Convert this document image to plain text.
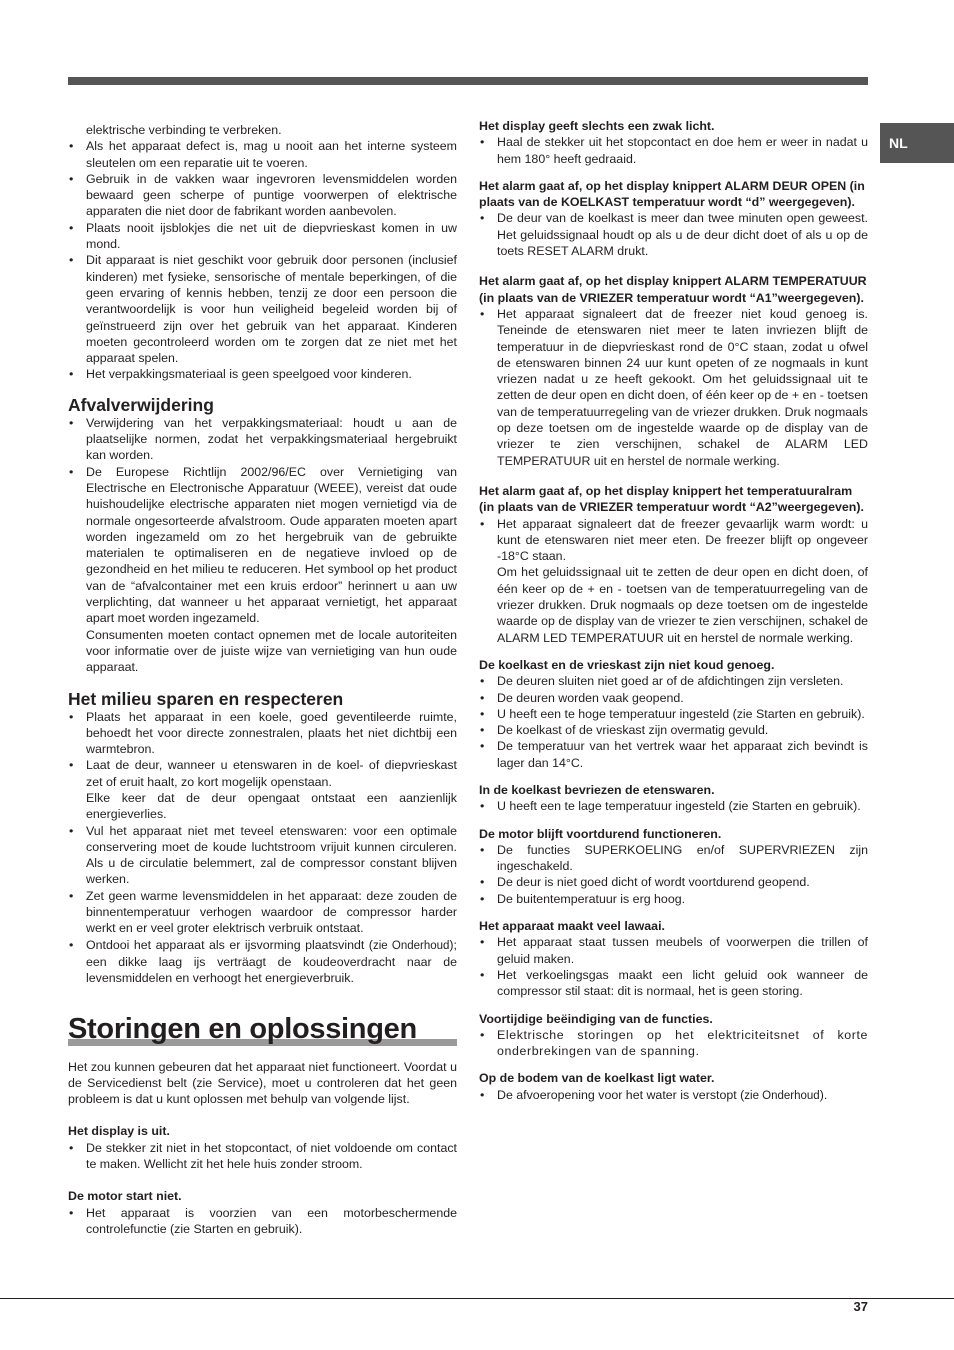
NL
elektrische verbinding te verbreken.
• Als het apparaat defect is, mag u nooit aan het interne systeem sleutelen om een reparatie uit te voeren.
• Gebruik in de vakken waar ingevroren levensmiddelen worden bewaard geen scherpe of puntige voorwerpen of elektrische apparaten die niet door de fabrikant worden aanbevolen.
• Plaats nooit ijsblokjes die net uit de diepvrieskast komen in uw mond.
• Dit apparaat is niet geschikt voor gebruik door personen (inclusief kinderen) met fysieke, sensorische of mentale beperkingen, of die geen ervaring of kennis hebben, tenzij ze door een persoon die verantwoordelijk is voor hun veiligheid begeleid worden bij of geïnstrueerd zijn over het gebruik van het apparaat. Kinderen moeten gecontroleerd worden om te zorgen dat ze niet met het apparaat spelen.
• Het verpakkingsmateriaal is geen speelgoed voor kinderen.
Afvalverwijdering
• Verwijdering van het verpakkingsmateriaal: houdt u aan de plaatselijke normen, zodat het verpakkingsmateriaal hergebruikt kan worden.
• De Europese Richtlijn 2002/96/EC over Vernietiging van Electrische en Electronische Apparatuur (WEEE), vereist dat oude huishoudelijke electrische apparaten niet mogen vernietigd via de normale ongesorteerde afvalstroom. Oude apparaten moeten apart worden ingezameld om zo het hergebruik van de gebruikte materialen te optimaliseren en de negatieve invloed op de gezondheid en het milieu te reduceren. Het symbool op het product van de “afvalcontainer met een kruis erdoor” herinnert u aan uw verplichting, dat wanneer u het apparaat vernietigt, het apparaat apart moet worden ingezameld.
Consumenten moeten contact opnemen met de locale autoriteiten voor informatie over de juiste wijze van vernietiging van hun oude apparaat.
Het milieu sparen en respecteren
• Plaats het apparaat in een koele, goed geventileerde ruimte, behoedt het voor directe zonnestralen, plaats het niet dichtbij een warmtebron.
• Laat de deur, wanneer u etenswaren in de koel- of diepvrieskast zet of eruit haalt, zo kort mogelijk openstaan.
Elke keer dat de deur opengaat ontstaat een aanzienlijk energieverlies.
• Vul het apparaat niet met teveel etenswaren: voor een optimale conservering moet de koude luchtstroom vrijuit kunnen circuleren. Als u de circulatie belemmert, zal de compressor constant blijven werken.
• Zet geen warme levensmiddelen in het apparaat: deze zouden de binnentemperatuur verhogen waardoor de compressor harder werkt en er veel groter elektrisch verbruik ontstaat.
• Ontdooi het apparaat als er ijsvorming plaatsvindt (zie Onderhoud); een dikke laag ijs verträagt de koudeoverdracht naar de levensmiddelen en verhoogt het energieverbruik.
Storingen en oplossingen

Het zou kunnen gebeuren dat het apparaat niet functioneert. Voordat u de Servicedienst belt (zie Service), moet u controleren dat het geen probleem is dat u kunt oplossen met behulp van volgende lijst.

Het display is uit.
• De stekker zit niet in het stopcontact, of niet voldoende om contact te maken. Wellicht zit het hele huis zonder stroom.
De motor start niet.
• Het apparaat is voorzien van een motorbeschermende controlefunctie (zie Starten en gebruik).
Het display geeft slechts een zwak licht.
• Haal de stekker uit het stopcontact en doe hem er weer in nadat u hem 180° heeft gedraaid.
Het alarm gaat af, op het display knippert ALARM DEUR OPEN (in plaats van de KOELKAST temperatuur wordt “d” weergegeven).
• De deur van de koelkast is meer dan twee minuten open geweest.           Het geluidssignaal houdt op als u de deur dicht doet of als u op de toets RESET ALARM drukt.
Het alarm gaat af, op het display knippert ALARM TEMPERATUUR (in plaats van de VRIEZER temperatuur wordt “A1”weergegeven).
• Het apparaat signaleert dat de freezer niet koud genoeg is. Teneinde de etenswaren niet meer te laten invriezen blijft de temperatuur in de diepvrieskast rond de 0°C staan, zodat u ofwel de etenswaren binnen 24 uur kunt opeten of ze nogmaals in kunt vriezen nadat u ze heeft gekookt. Om het geluidssignaal uit te zetten de deur open en dicht doen, of één keer op de + en - toetsen van de temperatuurregeling van de vriezer drukken. Druk nogmaals op deze toetsen om de ingestelde waarde op de display van de vriezer te zien verschijnen, schakel de ALARM LED TEMPERATUUR uit en herstel de normale werking.
Het alarm gaat af, op het display knippert het temperatuuralram (in plaats van de VRIEZER temperatuur wordt “A2”weergegeven).
• Het apparaat signaleert dat de freezer gevaarlijk warm wordt: u kunt de etenswaren niet meer eten. De freezer blijft op ongeveer -18°C staan.
Om het geluidssignaal uit te zetten de deur open en dicht doen, of één keer op de + en - toetsen van de temperatuurregeling van de vriezer drukken. Druk nogmaals op deze toetsen om de ingestelde waarde op de display van de vriezer te zien verschijnen, schakel de ALARM LED TEMPERATUUR uit en herstel de normale werking.
De koelkast en de vrieskast zijn niet koud genoeg.
• De deuren sluiten niet goed ar of de afdichtingen zijn versleten.
• De deuren worden vaak geopend.
• U heeft een te hoge temperatuur ingesteld (zie Starten en gebruik).
• De koelkast of de vrieskast zijn overmatig gevuld.
• De temperatuur van het vertrek waar het apparaat zich bevindt is lager dan 14°C.
In de koelkast bevriezen de etenswaren.
• U heeft een te lage temperatuur ingesteld (zie Starten en gebruik).
De motor blijft voortdurend functioneren.
• De functies SUPERKOELING en/of SUPERVRIEZEN zijn ingeschakeld.
• De deur is niet goed dicht of wordt voortdurend geopend.
• De buitentemperatuur is erg hoog.
Het apparaat maakt veel lawaai.
• Het apparaat staat tussen meubels of voorwerpen die trillen of geluid maken.
• Het verkoelingsgas maakt een licht geluid ook wanneer de compressor stil staat: dit is normaal, het is geen storing.
Voortijdige beëindiging van de functies.
• Elektrische storingen op het elektriciteitsnet of korte onderbrekingen van de spanning.
Op de bodem van de koelkast ligt water.
• De afvoeropening voor het water is verstopt (zie Onderhoud).
37
